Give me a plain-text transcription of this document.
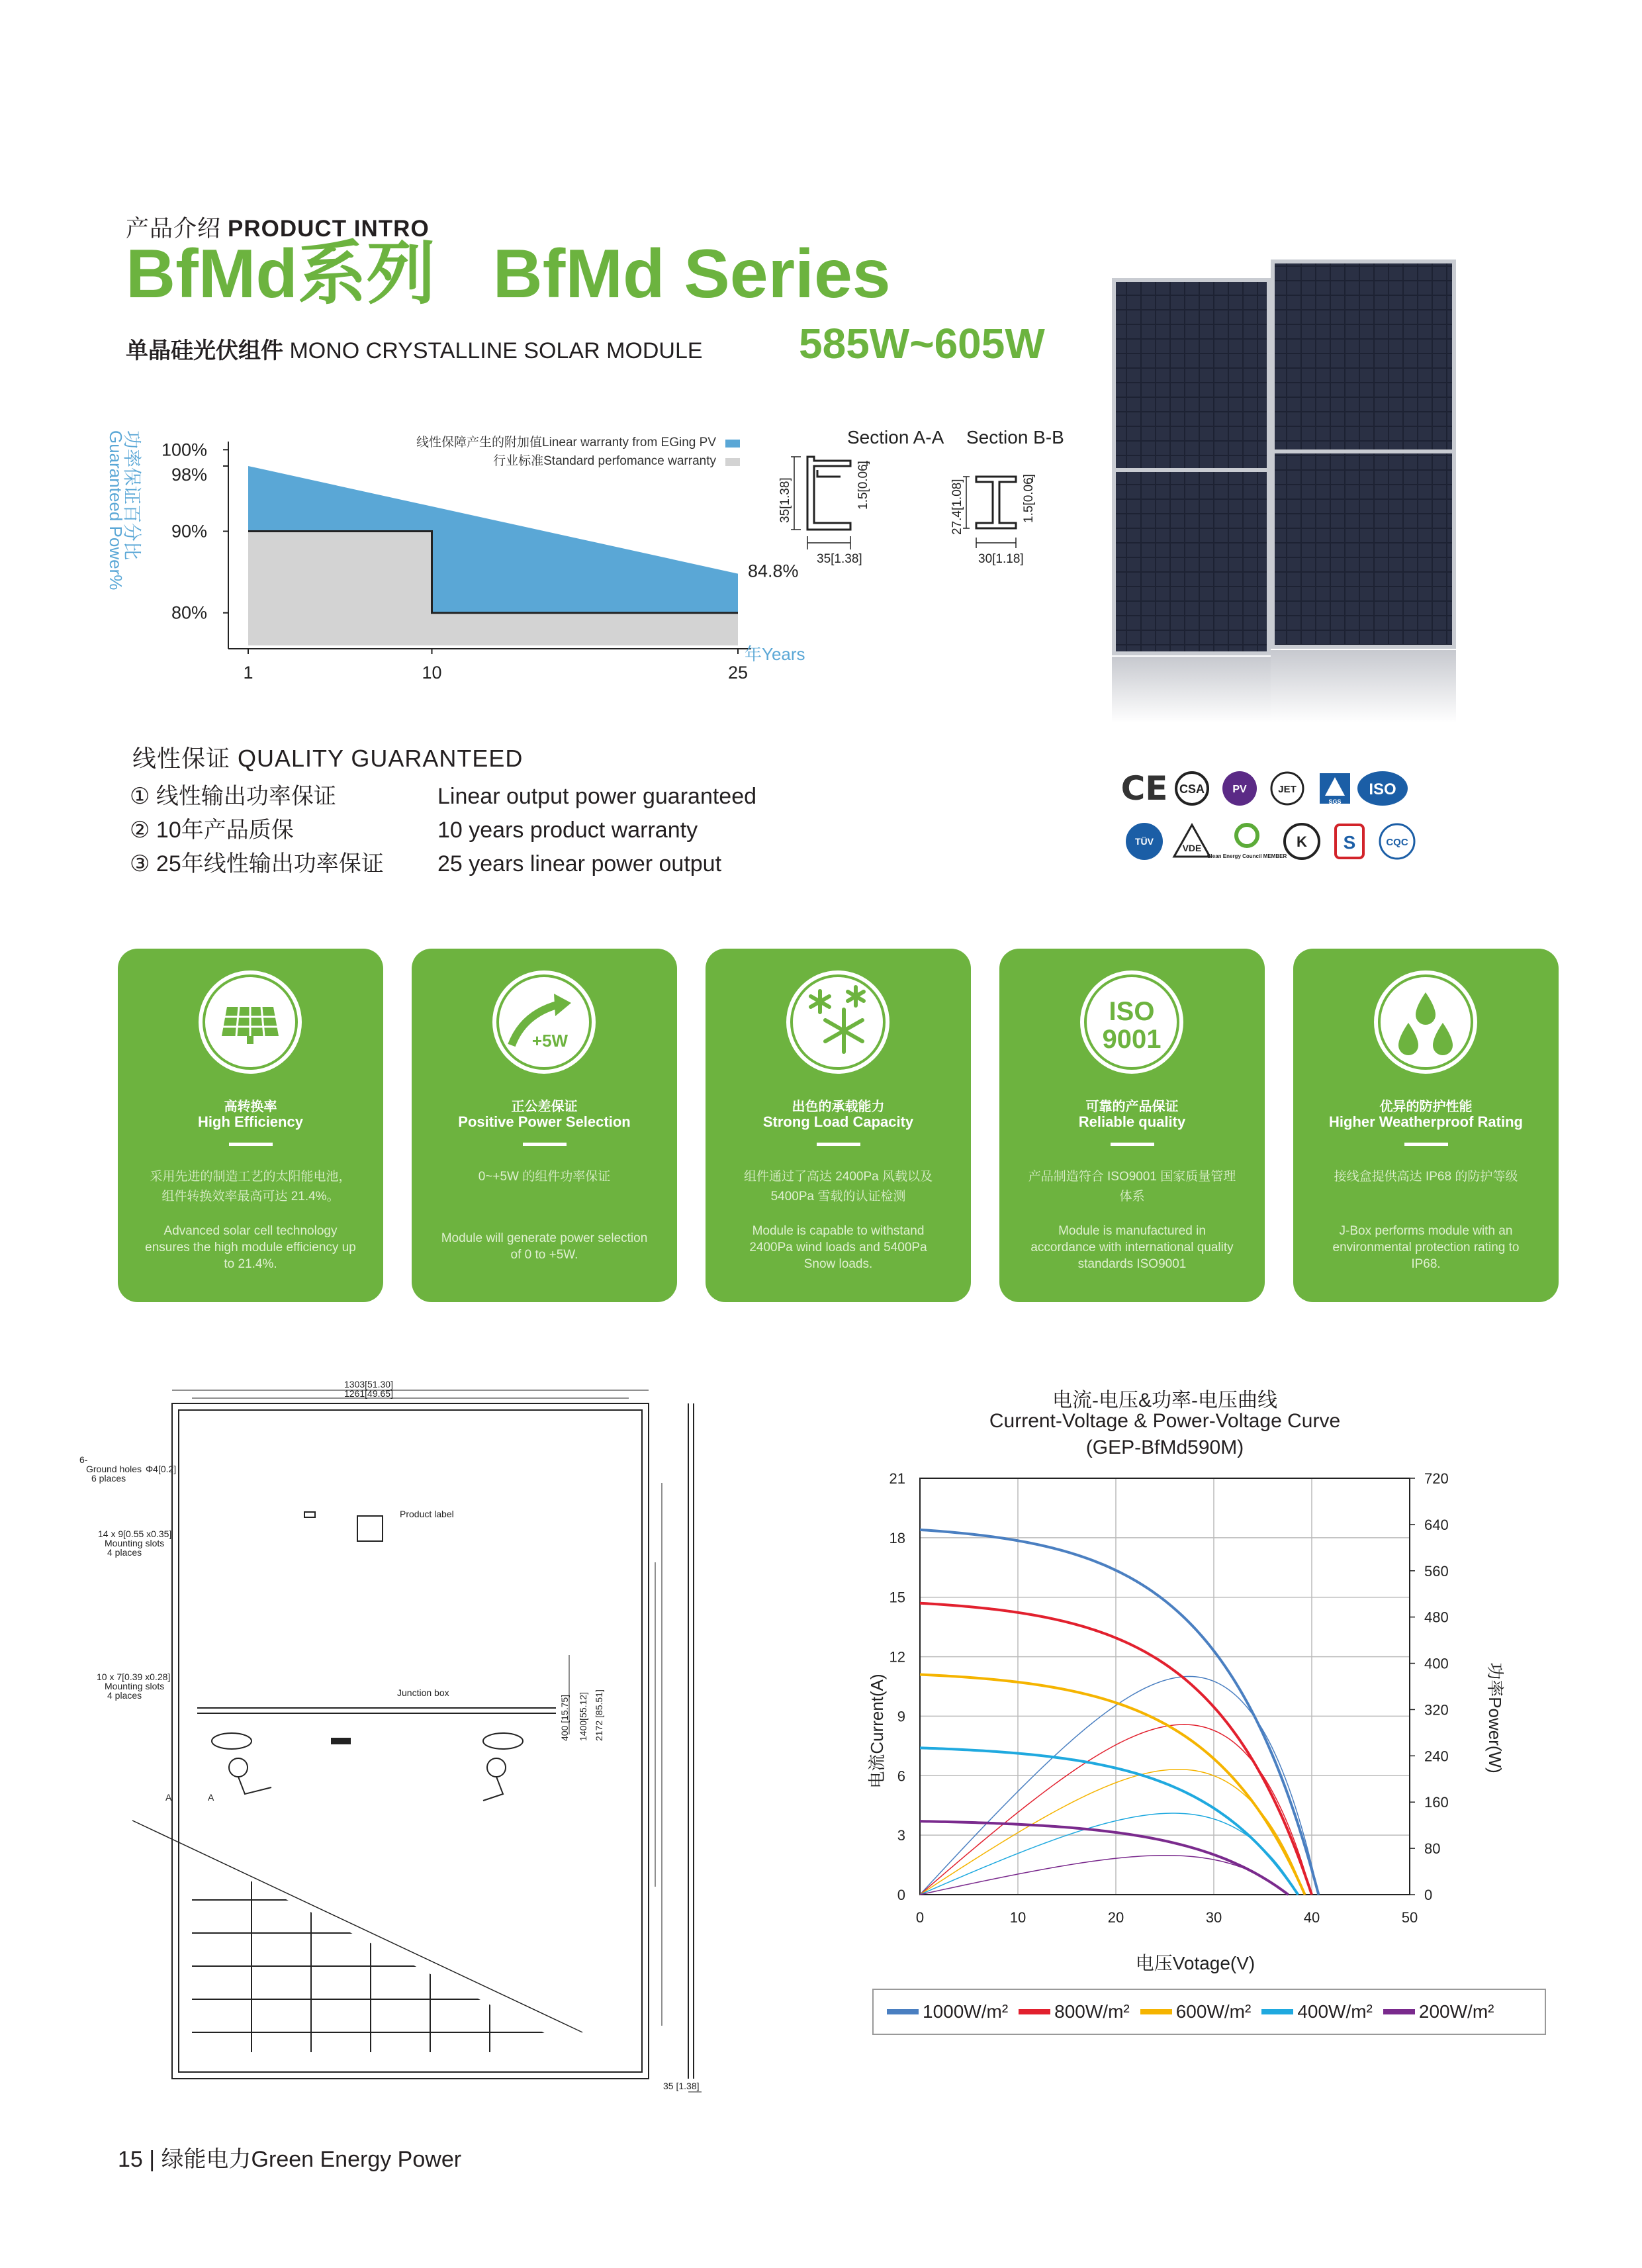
产品介绍 PRODUCT INTRO
BfMd系列   BfMd Series
单晶硅光伏组件 MONO CRYSTALLINE SOLAR MODULE 585W~605W
功率保证百分比
Guaranteed Power% 100%
98%
90%
80%
1	10	25
84.8%
年Years
线性保障产生的附加值Linear warranty from EGing PV
行业标准Standard perfomance warranty
Section A-A
35[1.38]	1.5[0.06]
35[1.38]
Section B-B
27.4[1.08]	1.5[0.06]
30[1.18]
线性保证 QUALITY GUARANTEED
① 线性输出功率保证	Linear output power guaranteed
② 10年产品质保	10 years product warranty
③ 25年线性输出功率保证	25 years linear power output
CE CSA	PV	JET
SGS
ISO
TÜV
VDE
Clean Energy Council MEMBER
K S	CQC
高转换率
High Efficiency
采用先进的制造工艺的太阳能电池，组件转换效率最高可达 21.4%。
Advanced solar cell technology ensures the high module efficiency up to 21.4%.
+5W
正公差保证
Positive Power Selection
0~+5W 的组件功率保证
Module will generate power selection of 0 to +5W.
出色的承载能力
Strong Load Capacity
组件通过了高达 2400Pa 风载以及 5400Pa 雪载的认证检测
Module is capable to withstand 2400Pa wind loads and 5400Pa Snow loads.
ISO
9001
可靠的产品保证
Reliable quality
产品制造符合 ISO9001 国家质量管理体系
Module is manufactured in accordance with international quality standards ISO9001
优异的防护性能
Higher Weatherproof Rating
接线盒提供高达 IP68 的防护等级
J-Box performs module with an environmental protection rating to IP68.
1303[51.30]
1261[49.65]
6-
Ground holes Φ4[0.2]
6 places
14 x 9[0.55 x0.35]
Mounting slots
4 places
10 x 7[0.39 x0.28]
Mounting slots
4 places
Product label
Junction box
400 [15.75] 1400[55.12] 2172 [85.51]
35 [1.38]
A	A
电流-电压&功率-电压曲线
Current-Voltage & Power-Voltage Curve
(GEP-BfMd590M)
0	10	20	30	40	50
0
3
6
9
12
15
18
21
0
80
160
240
320
400
480
560
640
720
电流Current(A)	功率Power(W)
电压Votage(V)
1000W/m²	800W/m²	600W/m²	400W/m²	200W/m²
15 | 绿能电力Green Energy Power
